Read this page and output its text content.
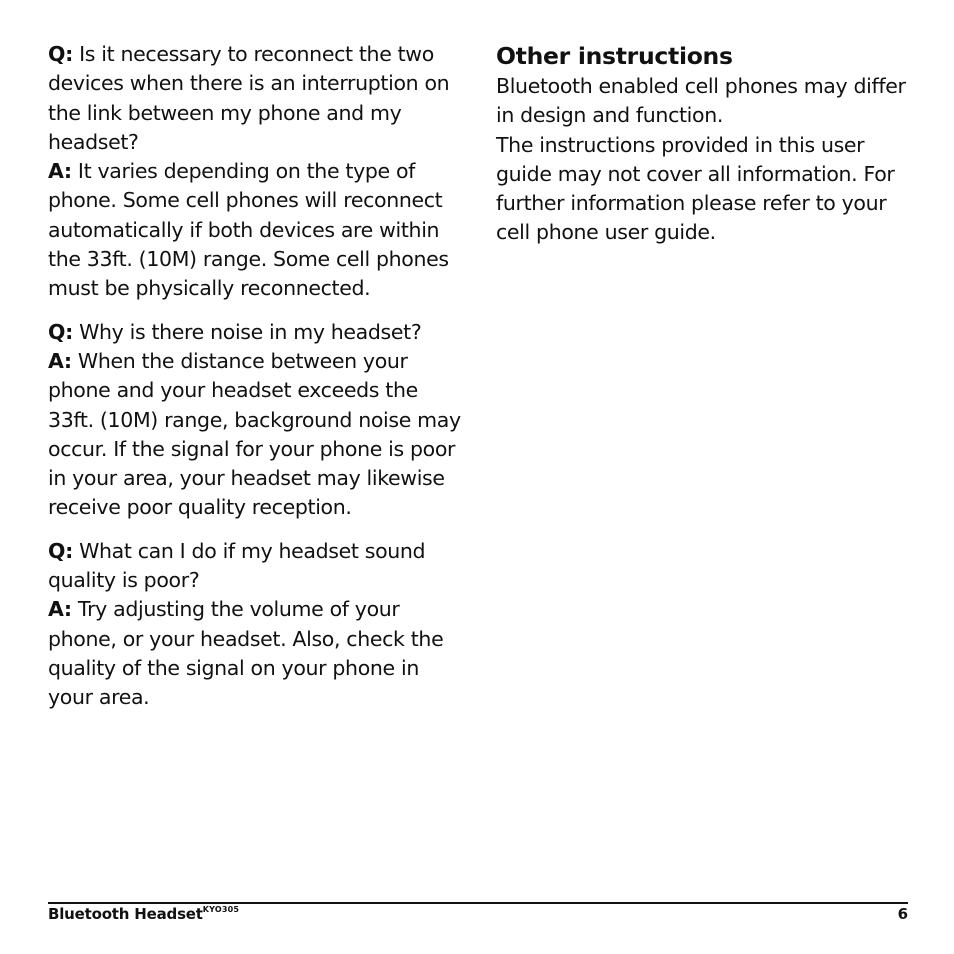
Q: Is it necessary to reconnect the two devices when there is an interruption on the link between my phone and my headset?
A: It varies depending on the type of phone. Some cell phones will reconnect automatically if both devices are within the 33ft. (10M) range. Some cell phones must be physically reconnected.
Q: Why is there noise in my headset?
A: When the distance between your phone and your headset exceeds the 33ft. (10M) range, background noise may occur. If the signal for your phone is poor in your area, your headset may likewise receive poor quality reception.
Q: What can I do if my headset sound quality is poor?
A: Try adjusting the volume of your phone, or your headset. Also, check the quality of the signal on your phone in your area.
Other instructions

Bluetooth enabled cell phones may differ in design and function.

The instructions provided in this user guide may not cover all information. For further information please refer to your cell phone user guide.

Bluetooth Headset$^{KYO305}$	6
